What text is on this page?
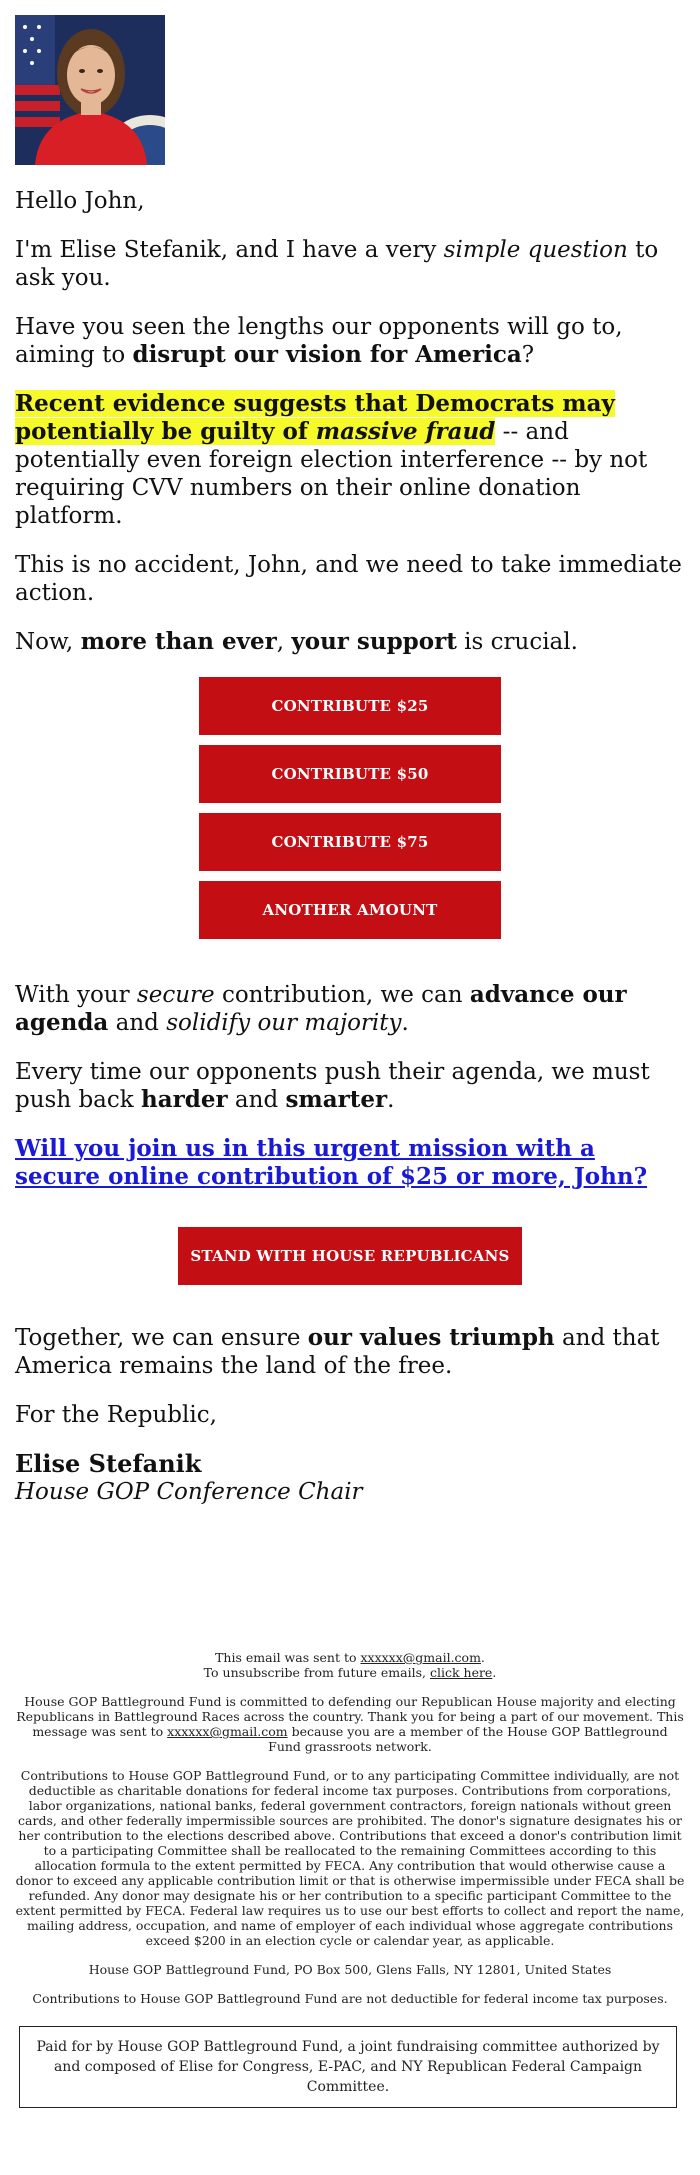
Hello John,

I'm Elise Stefanik, and I have a very simple question to ask you.

Have you seen the lengths our opponents will go to, aiming to disrupt our vision for America?

Recent evidence suggests that Democrats may potentially be guilty of massive fraud -- and potentially even foreign election interference -- by not requiring CVV numbers on their online donation platform.

This is no accident, John, and we need to take immediate action.

Now, more than ever, your support is crucial.

CONTRIBUTE $25
CONTRIBUTE $50
CONTRIBUTE $75
ANOTHER AMOUNT

With your secure contribution, we can advance our agenda and solidify our majority.

Every time our opponents push their agenda, we must push back harder and smarter.

Will you join us in this urgent mission with a secure online contribution of $25 or more, John?
STAND WITH HOUSE REPUBLICANS

Together, we can ensure our values triumph and that America remains the land of the free.

For the Republic,

Elise Stefanik

House GOP Conference Chair

This email was sent to xxxxxx@gmail.com.
To unsubscribe from future emails, click here.

House GOP Battleground Fund is committed to defending our Republican House majority and electing Republicans in Battleground Races across the country. Thank you for being a part of our movement. This message was sent to xxxxxx@gmail.com because you are a member of the House GOP Battleground Fund grassroots network.

Contributions to House GOP Battleground Fund, or to any participating Committee individually, are not deductible as charitable donations for federal income tax purposes. Contributions from corporations, labor organizations, national banks, federal government contractors, foreign nationals without green cards, and other federally impermissible sources are prohibited. The donor's signature designates his or her contribution to the elections described above. Contributions that exceed a donor's contribution limit to a participating Committee shall be reallocated to the remaining Committees according to this allocation formula to the extent permitted by FECA. Any contribution that would otherwise cause a donor to exceed any applicable contribution limit or that is otherwise impermissible under FECA shall be refunded. Any donor may designate his or her contribution to a specific participant Committee to the extent permitted by FECA. Federal law requires us to use our best efforts to collect and report the name, mailing address, occupation, and name of employer of each individual whose aggregate contributions exceed $200 in an election cycle or calendar year, as applicable.

House GOP Battleground Fund, PO Box 500, Glens Falls, NY 12801, United States

Contributions to House GOP Battleground Fund are not deductible for federal income tax purposes.

Paid for by House GOP Battleground Fund, a joint fundraising committee authorized by and composed of Elise for Congress, E-PAC, and NY Republican Federal Campaign Committee.
